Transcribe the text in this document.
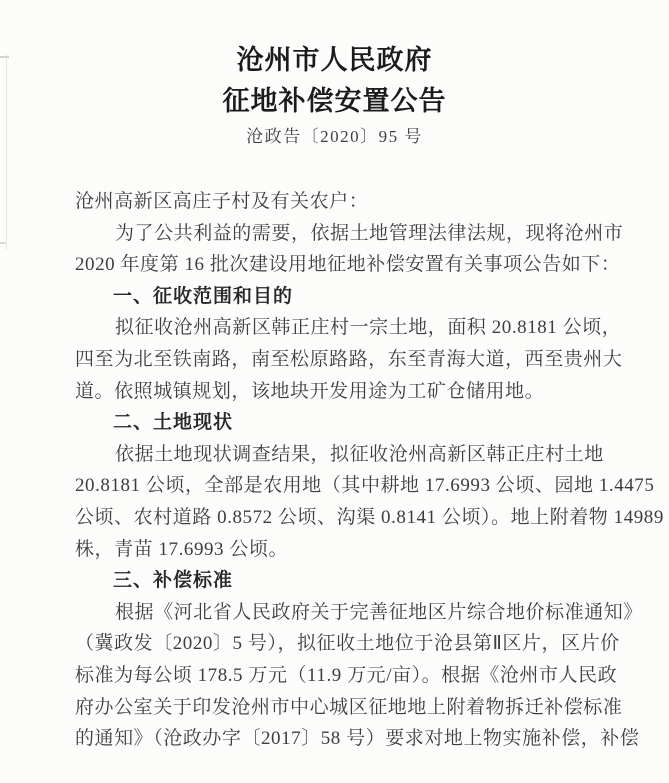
沧州市人民政府
征地补偿安置公告
沧政告〔2020〕95 号
沧州高新区高庄子村及有关农户：
为了公共利益的需要，依据土地管理法律法规，现将沧州市
2020 年度第 16 批次建设用地征地补偿安置有关事项公告如下：
一、征收范围和目的
拟征收沧州高新区韩正庄村一宗土地，面积 20.8181 公顷，
四至为北至铁南路，南至松原路路，东至青海大道，西至贵州大
道。依照城镇规划，该地块开发用途为工矿仓储用地。
二、土地现状
依据土地现状调查结果，拟征收沧州高新区韩正庄村土地
20.8181 公顷，全部是农用地（其中耕地 17.6993 公顷、园地 1.4475
公顷、农村道路 0.8572 公顷、沟渠 0.8141 公顷）。地上附着物 14989
株，青苗 17.6993 公顷。
三、补偿标准
根据《河北省人民政府关于完善征地区片综合地价标准通知》
（冀政发〔2020〕5 号），拟征收土地位于沧县第Ⅱ区片，区片价
标准为每公顷 178.5 万元（11.9 万元/亩）。根据《沧州市人民政
府办公室关于印发沧州市中心城区征地地上附着物拆迁补偿标准
的通知》（沧政办字〔2017〕58 号）要求对地上物实施补偿，补偿
